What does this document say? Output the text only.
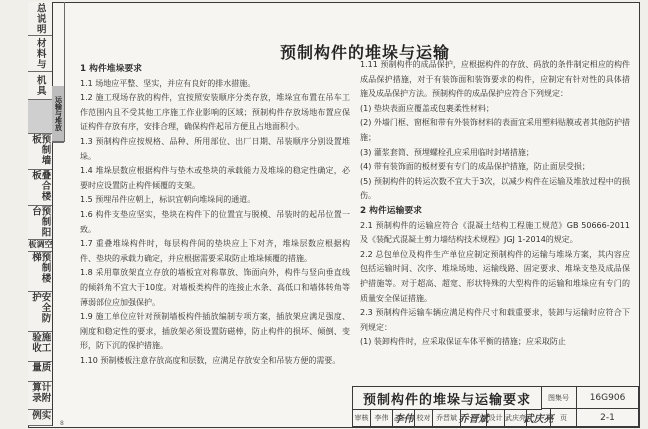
总说明
材料与
机具
预制墙板
叠合楼板
预制阳台
空调板
预制楼梯
安全防护
施工验收
质量
计附算录
实例
运输与堆放
预制构件的堆垛与运输

1 构件堆垛要求

1.1 场地应平整、坚实，并应有良好的排水措施。

1.2 施工现场存放的构件，宜按照安装顺序分类存放，堆垛宜布置在吊车工作范围内且不受其他工序施工作业影响的区域；预制构件存放场地布置应保证构件存放有序，安排合理，确保构件起吊方便且占地面积小。

1.3 预制构件应按规格、品种、所用部位、出厂日期、吊装顺序分别设置堆垛。

1.4 堆垛层数应根据构件与垫木或垫块的承载能力及堆垛的稳定性确定，必要时应设置防止构件倾覆的支架。

1.5 预埋吊件应朝上，标识宜朝向堆垛间的通道。

1.6 构件支垫应坚实，垫块在构件下的位置宜与脱模、吊装时的起吊位置一致。

1.7 重叠堆垛构件时，每层构件间的垫块应上下对齐，堆垛层数应根据构件、垫块的承载力确定，并应根据需要采取防止堆垛倾覆的措施。

1.8 采用靠放架直立存放的墙板宜对称靠放、饰面向外，构件与竖向垂直线的倾斜角不宜大于10度。对墙板类构件的连接止水条、高低口和墙体转角等薄弱部位应加强保护。

1.9 施工单位应针对预制墙板构件插放编制专项方案，插放架应满足强度、刚度和稳定性的要求，插放架必须设置防磁棒，防止构件的损坏、倾倒、变形，防下沉的保护措施。

1.10 预制楼板注意存放高度和层数，应满足存放安全和吊装方便的需要。

1.11 预制构件的成品保护，应根据构件的存放、码放的条件制定相应的构件成品保护措施，对于有装饰面和装饰要求的构件，应制定有针对性的具体措施及成品保护方法。预制构件的成品保护应符合下列规定：

(1) 垫块表面应覆盖或包裹柔性材料；

(2) 外墙门框、窗框和带有外装饰材料的表面宜采用塑料贴膜或者其他防护措施；

(3) 灌浆套筒、预埋螺栓孔应采用临时封堵措施；

(4) 带有装饰面的板材要有专门的成品保护措施，防止面层受损；

(5) 预制构件的转运次数不宜大于3次，以减少构件在运输及堆放过程中的损伤。

2 构件运输要求

2.1 预制构件的运输应符合《混凝土结构工程施工规范》GB 50666-2011及《装配式混凝土剪力墙结构技术规程》JGJ 1-2014的规定。

2.2 总包单位及构件生产单位应制定预制构件的运输与堆垛方案，其内容应包括运输时间、次序、堆垛场地、运输线路、固定要求、堆垛支垫及成品保护措施等。对于超高、超宽、形状特殊的大型构件的运输和堆垛应有专门的质量安全保证措施。

2.3 预制构件运输车辆应满足构件尺寸和载重要求，装卸与运输时应符合下列规定：

(1) 装卸构件时，应采取保证车体平衡的措施；应采取防止

预制构件的堆垛与运输要求	图集号	16G906
审核 李伟 李伟 校对 乔晋斌 乔晋斌 设计 武庆亮
武庆亮 页	2-1
8
